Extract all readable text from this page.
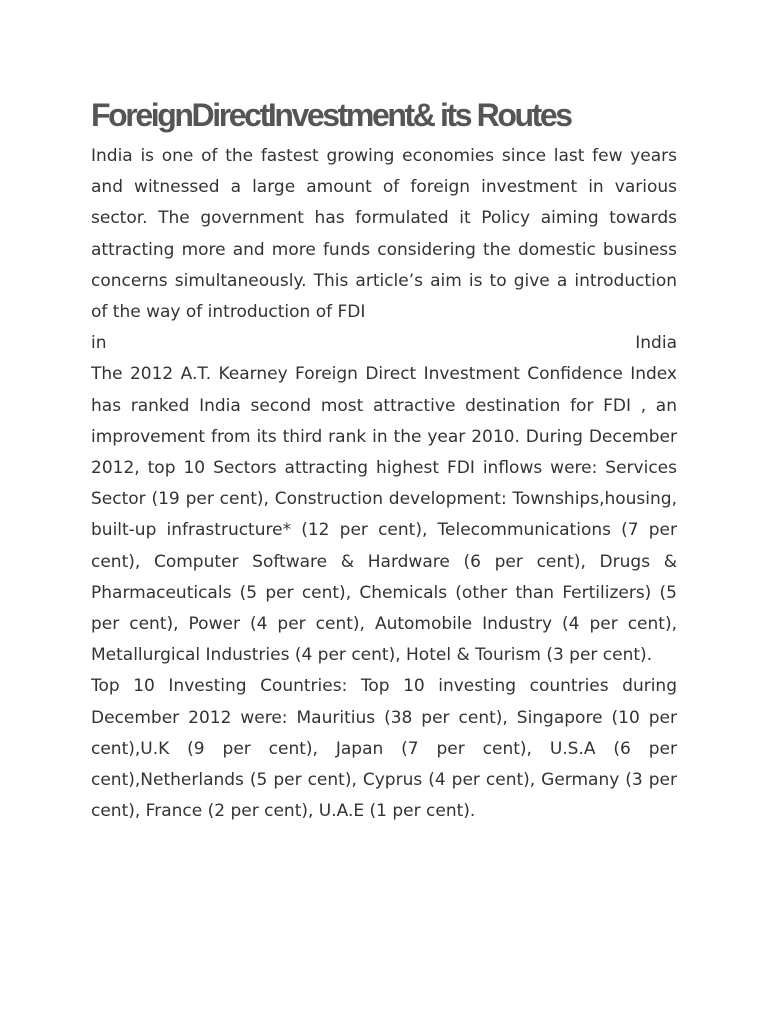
ForeignDirectInvestment& its Routes

India is one of the fastest growing economies since last few years and witnessed a large amount of foreign investment in various sector. The government has formulated it Policy aiming towards attracting more and more funds considering the domestic business concerns simultaneously. This article’s aim is to give a introduction of the way of introduction of FDI

in	India

The 2012 A.T. Kearney Foreign Direct Investment Confidence Index has ranked India second most attractive destination for FDI , an improvement from its third rank in the year 2010. During December 2012, top 10 Sectors attracting highest FDI inflows were: Services Sector (19 per cent), Construction development: Townships,housing, built-up infrastructure* (12 per cent), Telecommunications (7 per cent), Computer Software & Hardware (6 per cent), Drugs & Pharmaceuticals (5 per cent), Chemicals (other than Fertilizers) (5 per cent), Power (4 per cent), Automobile Industry (4 per cent), Metallurgical Industries (4 per cent), Hotel & Tourism (3 per cent).

Top 10 Investing Countries: Top 10 investing countries during December 2012 were: Mauritius (38 per cent), Singapore (10 per cent),U.K (9 per cent), Japan (7 per cent), U.S.A (6 per cent),Netherlands (5 per cent), Cyprus (4 per cent), Germany (3 per cent), France (2 per cent), U.A.E (1 per cent).
